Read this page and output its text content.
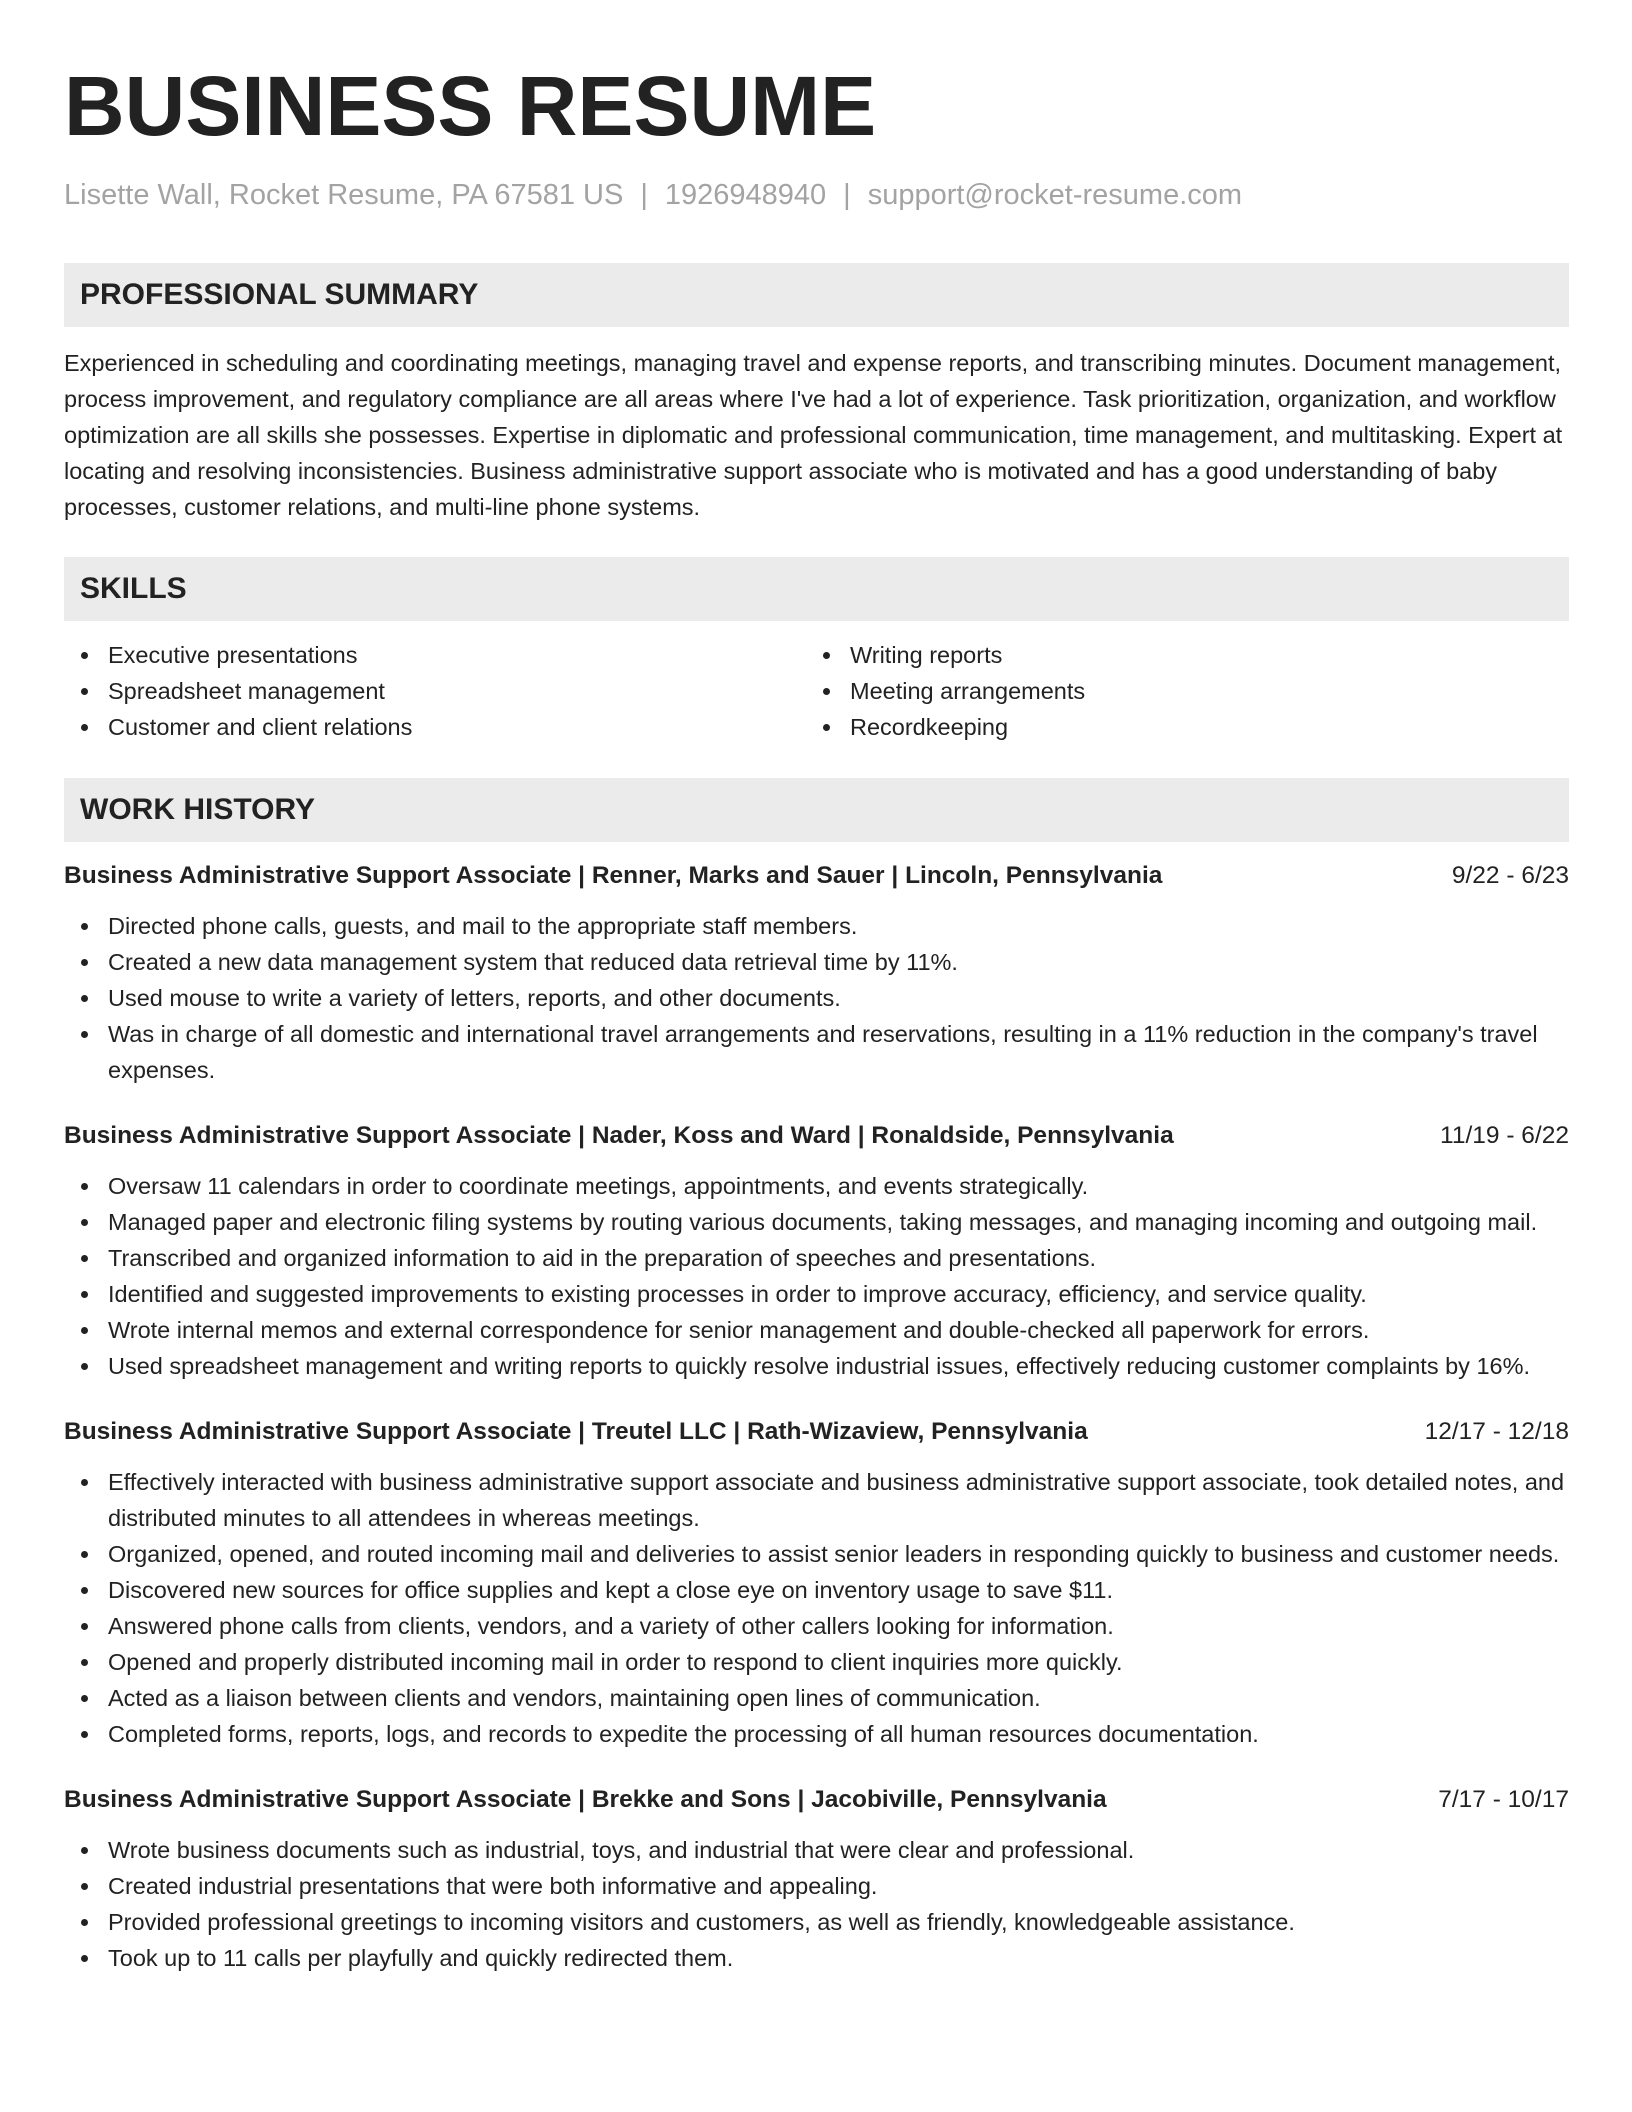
BUSINESS RESUME
Lisette Wall, Rocket Resume, PA 67581 US | 1926948940 | support@rocket-resume.com
PROFESSIONAL SUMMARY

Experienced in scheduling and coordinating meetings, managing travel and expense reports, and transcribing minutes. Document management, process improvement, and regulatory compliance are all areas where I've had a lot of experience. Task prioritization, organization, and workflow optimization are all skills she possesses. Expertise in diplomatic and professional communication, time management, and multitasking. Expert at locating and resolving inconsistencies. Business administrative support associate who is motivated and has a good understanding of baby processes, customer relations, and multi-line phone systems.

SKILLS
Executive presentations
Spreadsheet management
Customer and client relations
Writing reports
Meeting arrangements
Recordkeeping
WORK HISTORY
Business Administrative Support Associate | Renner, Marks and Sauer | Lincoln, Pennsylvania	9/22 - 6/23
Directed phone calls, guests, and mail to the appropriate staff members.
Created a new data management system that reduced data retrieval time by 11%.
Used mouse to write a variety of letters, reports, and other documents.
Was in charge of all domestic and international travel arrangements and reservations, resulting in a 11% reduction in the company's travel expenses.
Business Administrative Support Associate | Nader, Koss and Ward | Ronaldside, Pennsylvania	11/19 - 6/22
Oversaw 11 calendars in order to coordinate meetings, appointments, and events strategically.
Managed paper and electronic filing systems by routing various documents, taking messages, and managing incoming and outgoing mail.
Transcribed and organized information to aid in the preparation of speeches and presentations.
Identified and suggested improvements to existing processes in order to improve accuracy, efficiency, and service quality.
Wrote internal memos and external correspondence for senior management and double-checked all paperwork for errors.
Used spreadsheet management and writing reports to quickly resolve industrial issues, effectively reducing customer complaints by 16%.
Business Administrative Support Associate | Treutel LLC | Rath-Wizaview, Pennsylvania	12/17 - 12/18
Effectively interacted with business administrative support associate and business administrative support associate, took detailed notes, and distributed minutes to all attendees in whereas meetings.
Organized, opened, and routed incoming mail and deliveries to assist senior leaders in responding quickly to business and customer needs.
Discovered new sources for office supplies and kept a close eye on inventory usage to save $11.
Answered phone calls from clients, vendors, and a variety of other callers looking for information.
Opened and properly distributed incoming mail in order to respond to client inquiries more quickly.
Acted as a liaison between clients and vendors, maintaining open lines of communication.
Completed forms, reports, logs, and records to expedite the processing of all human resources documentation.
Business Administrative Support Associate | Brekke and Sons | Jacobiville, Pennsylvania	7/17 - 10/17
Wrote business documents such as industrial, toys, and industrial that were clear and professional.
Created industrial presentations that were both informative and appealing.
Provided professional greetings to incoming visitors and customers, as well as friendly, knowledgeable assistance.
Took up to 11 calls per playfully and quickly redirected them.
